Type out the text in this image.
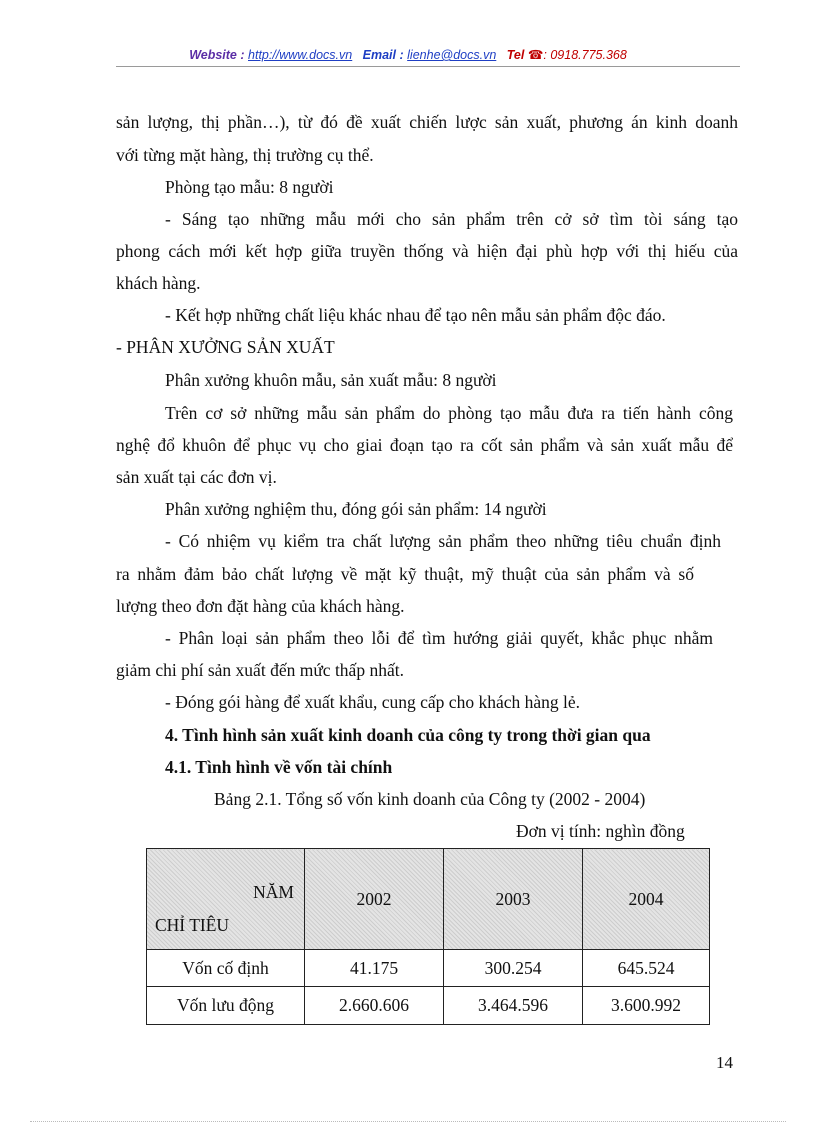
Website : http://www.docs.vn Email : lienhe@docs.vn Tel ☎: 0918.775.368
sản lượng, thị phần…), từ đó đề xuất chiến lược sản xuất, phương án kinh doanh
với từng mặt hàng, thị trường cụ thể.
Phòng tạo mẫu: 8 người
- Sáng tạo những mẫu mới cho sản phẩm trên cở sở tìm tòi sáng tạo
phong cách mới kết hợp giữa truyền thống và hiện đại phù hợp với thị hiếu của
khách hàng.
- Kết hợp những chất liệu khác nhau để tạo nên mẫu sản phẩm độc đáo.
- PHÂN XƯỞNG SẢN XUẤT
Phân xưởng khuôn mẫu, sản xuất mẫu: 8 người
Trên cơ sở những mẫu sản phẩm do phòng tạo mẫu đưa ra tiến hành công
nghệ đổ khuôn để phục vụ cho giai đoạn tạo ra cốt sản phẩm và sản xuất mẫu để
sản xuất tại các đơn vị.
Phân xưởng nghiệm thu, đóng gói sản phẩm: 14 người
- Có nhiệm vụ kiểm tra chất lượng sản phẩm theo những tiêu chuẩn định
ra nhằm đảm bảo chất lượng về mặt kỹ thuật, mỹ thuật của sản phẩm và số
lượng theo đơn đặt hàng của khách hàng.
- Phân loại sản phẩm theo lỗi để tìm hướng giải quyết, khắc phục nhằm
giảm chi phí sản xuất đến mức thấp nhất.
- Đóng gói hàng để xuất khẩu, cung cấp cho khách hàng lẻ.
4. Tình hình sản xuất kinh doanh của công ty trong thời gian qua
4.1. Tình hình về vốn tài chính
Bảng 2.1. Tổng số vốn kinh doanh của Công ty (2002 - 2004)
Đơn vị tính: nghìn đồng
NĂM
CHỈ TIÊU	2002	2003	2004
Vốn cố định	41.175	300.254	645.524
Vốn lưu động	2.660.606	3.464.596	3.600.992
14
